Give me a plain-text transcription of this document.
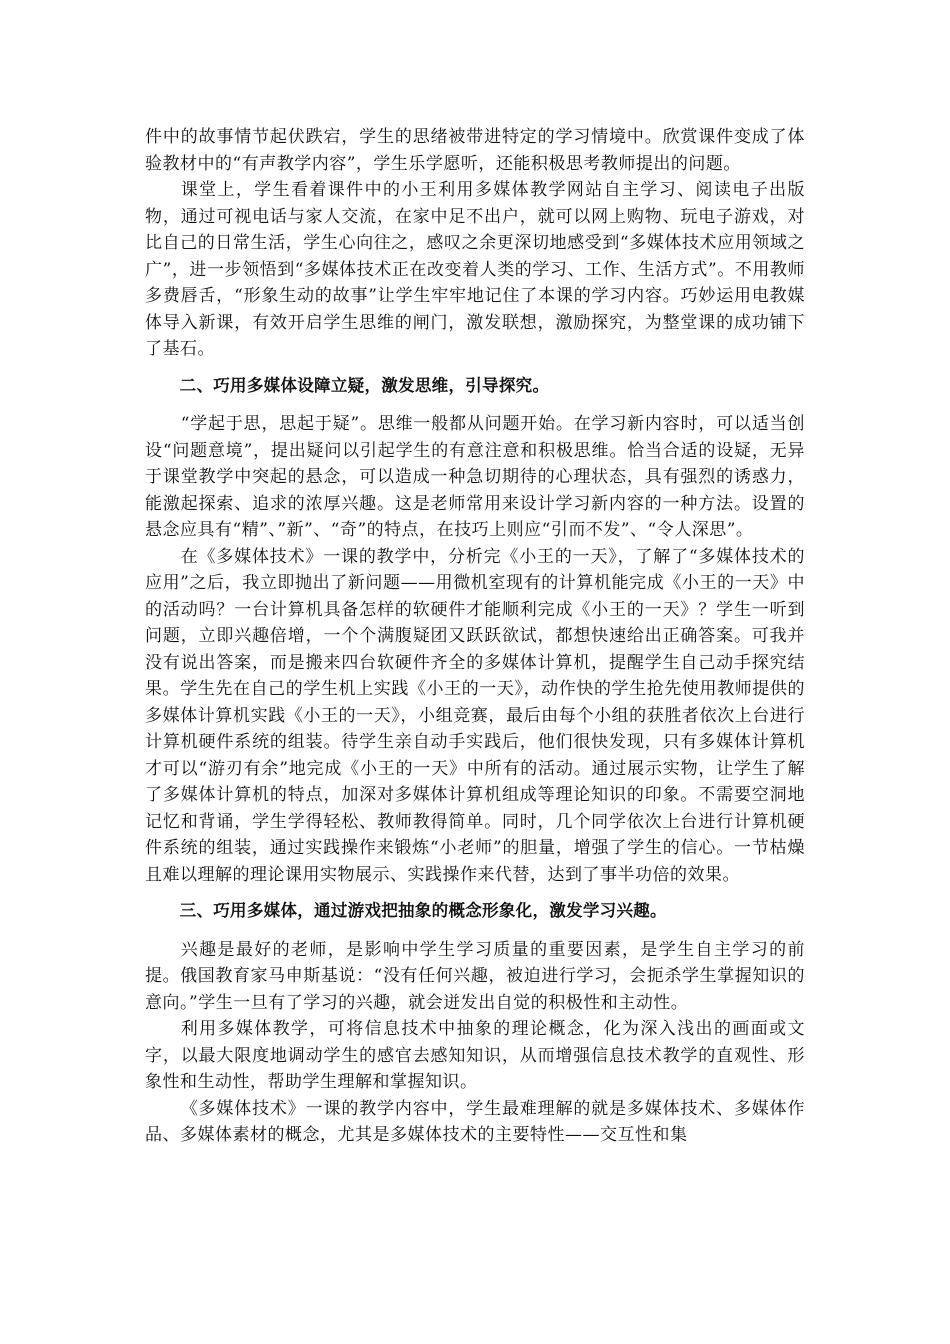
件中的故事情节起伏跌宕，学生的思绪被带进特定的学习情境中。欣赏课件变成了体验教材中的“有声教学内容”，学生乐学愿听，还能积极思考教师提出的问题。

课堂上，学生看着课件中的小王利用多媒体教学网站自主学习、阅读电子出版物，通过可视电话与家人交流，在家中足不出户，就可以网上购物、玩电子游戏，对比自己的日常生活，学生心向往之，感叹之余更深切地感受到“多媒体技术应用领域之广”，进一步领悟到“多媒体技术正在改变着人类的学习、工作、生活方式”。不用教师多费唇舌，“形象生动的故事”让学生牢牢地记住了本课的学习内容。巧妙运用电教媒体导入新课，有效开启学生思维的闸门，激发联想，激励探究，为整堂课的成功铺下了基石。

二、巧用多媒体设障立疑，激发思维，引导探究。

“学起于思，思起于疑”。思维一般都从问题开始。在学习新内容时，可以适当创设“问题意境”，提出疑问以引起学生的有意注意和积极思维。恰当合适的设疑，无异于课堂教学中突起的悬念，可以造成一种急切期待的心理状态，具有强烈的诱惑力，能激起探索、追求的浓厚兴趣。这是老师常用来设计学习新内容的一种方法。设置的悬念应具有“精”、”新”、“奇”的特点，在技巧上则应“引而不发”、“令人深思”。

在《多媒体技术》一课的教学中，分析完《小王的一天》，了解了“多媒体技术的应用”之后，我立即抛出了新问题——用微机室现有的计算机能完成《小王的一天》中的活动吗？一台计算机具备怎样的软硬件才能顺利完成《小王的一天》？学生一听到问题，立即兴趣倍增，一个个满腹疑团又跃跃欲试，都想快速给出正确答案。可我并没有说出答案，而是搬来四台软硬件齐全的多媒体计算机，提醒学生自己动手探究结果。学生先在自己的学生机上实践《小王的一天》，动作快的学生抢先使用教师提供的多媒体计算机实践《小王的一天》，小组竞赛，最后由每个小组的获胜者依次上台进行计算机硬件系统的组装。待学生亲自动手实践后，他们很快发现，只有多媒体计算机才可以“游刃有余”地完成《小王的一天》中所有的活动。通过展示实物，让学生了解了多媒体计算机的特点，加深对多媒体计算机组成等理论知识的印象。不需要空洞地记忆和背诵，学生学得轻松、教师教得简单。同时，几个同学依次上台进行计算机硬件系统的组装，通过实践操作来锻炼“小老师”的胆量，增强了学生的信心。一节枯燥且难以理解的理论课用实物展示、实践操作来代替，达到了事半功倍的效果。

三、巧用多媒体，通过游戏把抽象的概念形象化，激发学习兴趣。

兴趣是最好的老师，是影响中学生学习质量的重要因素，是学生自主学习的前提。俄国教育家马申斯基说：“没有任何兴趣，被迫进行学习，会扼杀学生掌握知识的意向。”学生一旦有了学习的兴趣，就会迸发出自觉的积极性和主动性。

利用多媒体教学，可将信息技术中抽象的理论概念，化为深入浅出的画面或文字，以最大限度地调动学生的感官去感知知识，从而增强信息技术教学的直观性、形象性和生动性，帮助学生理解和掌握知识。

《多媒体技术》一课的教学内容中，学生最难理解的就是多媒体技术、多媒体作品、多媒体素材的概念，尤其是多媒体技术的主要特性——交互性和集
